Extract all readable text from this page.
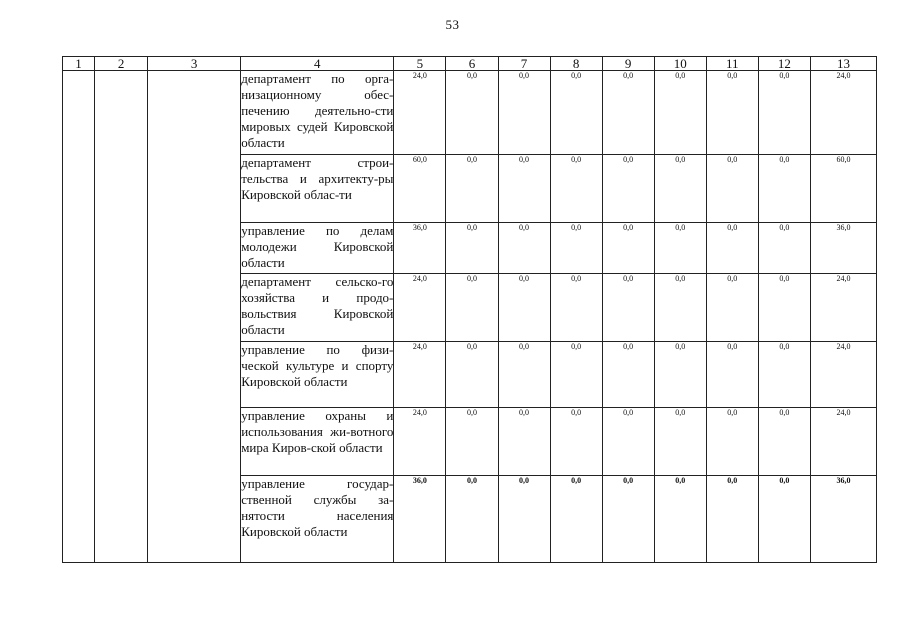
53
1	2	3	4	5	6	7	8	9	10	11	12	13
			департамент по орга-низационному обес-печению деятельно-сти мировых судей Кировской области	24,0	0,0	0,0	0,0	0,0	0,0	0,0	0,0	24,0
			департамент строи-тельства и архитекту-ры Кировской облас-ти	60,0	0,0	0,0	0,0	0,0	0,0	0,0	0,0	60,0
			управление по делам молодежи Кировской области	36,0	0,0	0,0	0,0	0,0	0,0	0,0	0,0	36,0
			департамент сельско-го хозяйства и продо-вольствия Кировской области	24,0	0,0	0,0	0,0	0,0	0,0	0,0	0,0	24,0
			управление по физи-ческой культуре и спорту Кировской области	24,0	0,0	0,0	0,0	0,0	0,0	0,0	0,0	24,0
			управление охраны и использования жи-вотного мира Киров-ской области	24,0	0,0	0,0	0,0	0,0	0,0	0,0	0,0	24,0
			управление государ-ственной службы за-нятости населения Кировской области	36,0	0,0	0,0	0,0	0,0	0,0	0,0	0,0	36,0
